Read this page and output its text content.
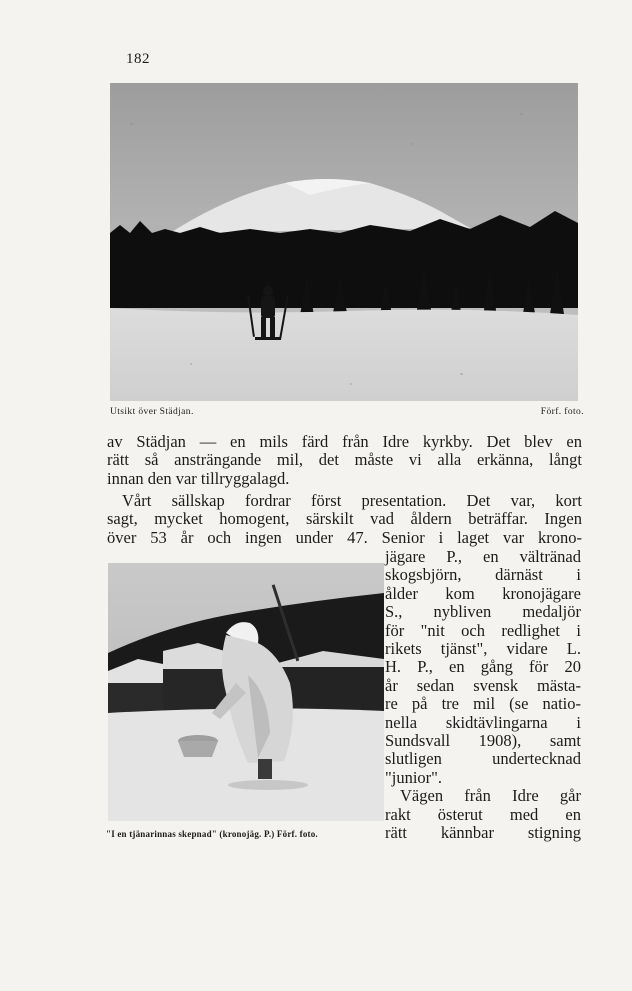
182
Utsikt över Städjan.	Förf. foto.
av Städjan — en mils färd från Idre kyrkby. Det blev en
rätt så ansträngande mil, det måste vi alla erkänna, långt
innan den var tillryggalagd.
Vårt sällskap fordrar först presentation. Det var, kort
sagt, mycket homogent, särskilt vad åldern beträffar. Ingen
över 53 år och ingen under 47. Senior i laget var krono-
jägare P., en vältränad
skogsbjörn, därnäst i
ålder kom kronojägare
S., nybliven medaljör
för "nit och redlighet i
rikets tjänst", vidare L.
H. P., en gång för 20
år sedan svensk mästa-
re på tre mil (se natio-
nella skidtävlingarna i
Sundsvall 1908), samt
slutligen undertecknad
"junior".
Vägen från Idre går
rakt österut med en
rätt kännbar stigning
"I en tjänarinnas skepnad" (kronojäg. P.) Förf. foto.
